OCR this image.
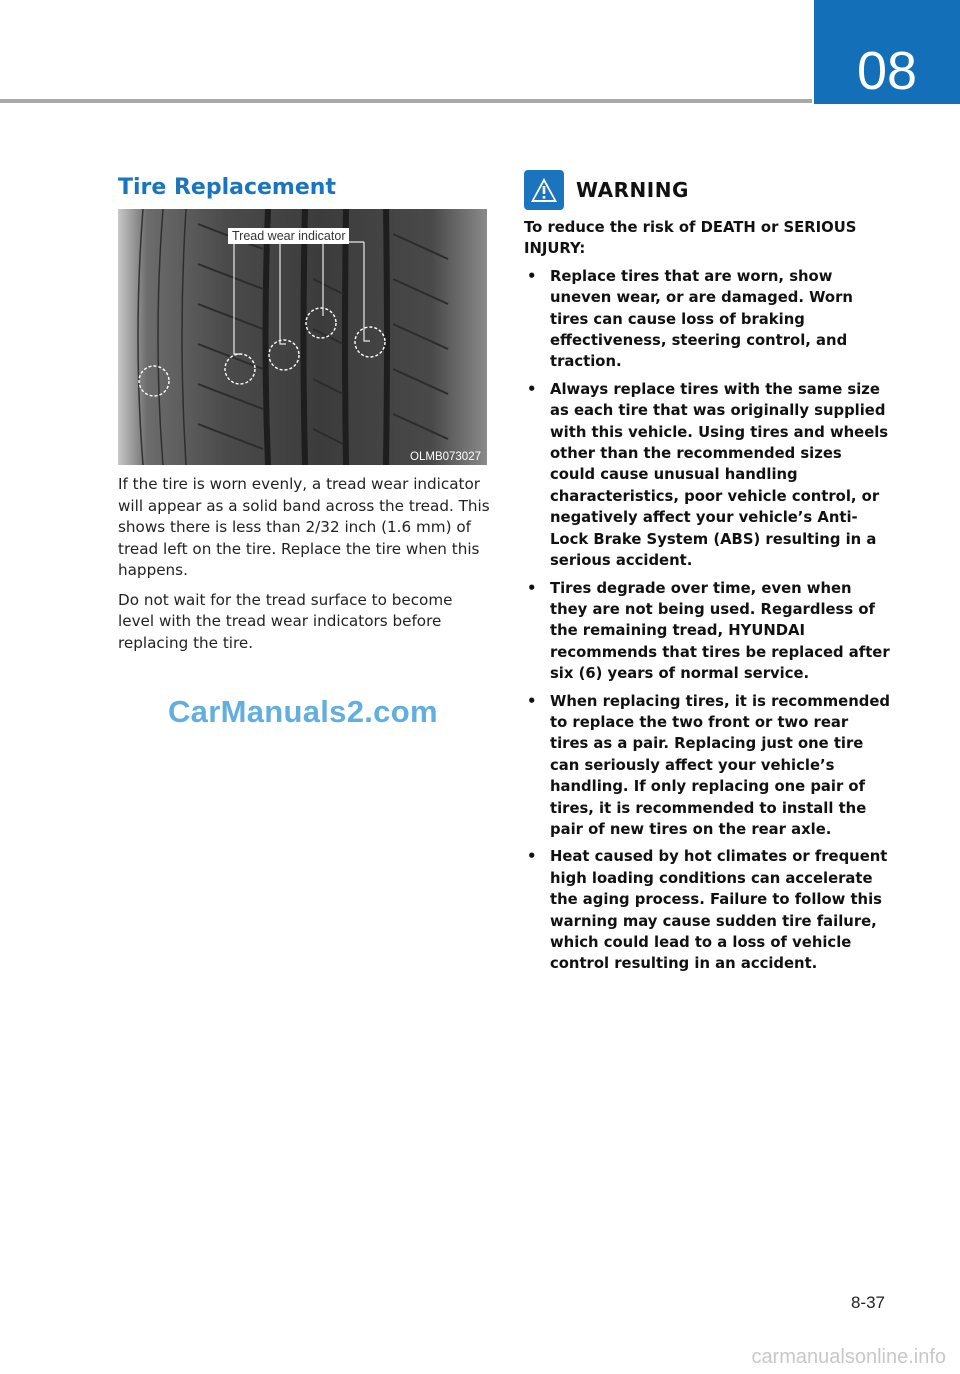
08
Tire Replacement
Tread wear indicator
OLMB073027

If the tire is worn evenly, a tread wear indicator will appear as a solid band across the tread. This shows there is less than 2/32 inch (1.6 mm) of tread left on the tire. Replace the tire when this happens.

Do not wait for the tread surface to become level with the tread wear indicators before replacing the tire.

CarManuals2.com
WARNING

To reduce the risk of DEATH or SERIOUS INJURY:

• Replace tires that are worn, show uneven wear, or are damaged. Worn tires can cause loss of braking effectiveness, steering control, and traction.
• Always replace tires with the same size as each tire that was originally supplied with this vehicle. Using tires and wheels other than the recommended sizes could cause unusual handling characteristics, poor vehicle control, or negatively affect your vehicle’s Anti-Lock Brake System (ABS) resulting in a serious accident.
• Tires degrade over time, even when they are not being used. Regardless of the remaining tread, HYUNDAI recommends that tires be replaced after six (6) years of normal service.
• When replacing tires, it is recommended to replace the two front or two rear tires as a pair. Replacing just one tire can seriously affect your vehicle’s handling. If only replacing one pair of tires, it is recommended to install the pair of new tires on the rear axle.
• Heat caused by hot climates or frequent high loading conditions can accelerate the aging process. Failure to follow this warning may cause sudden tire failure, which could lead to a loss of vehicle control resulting in an accident.
8-37
carmanualsonline.info
